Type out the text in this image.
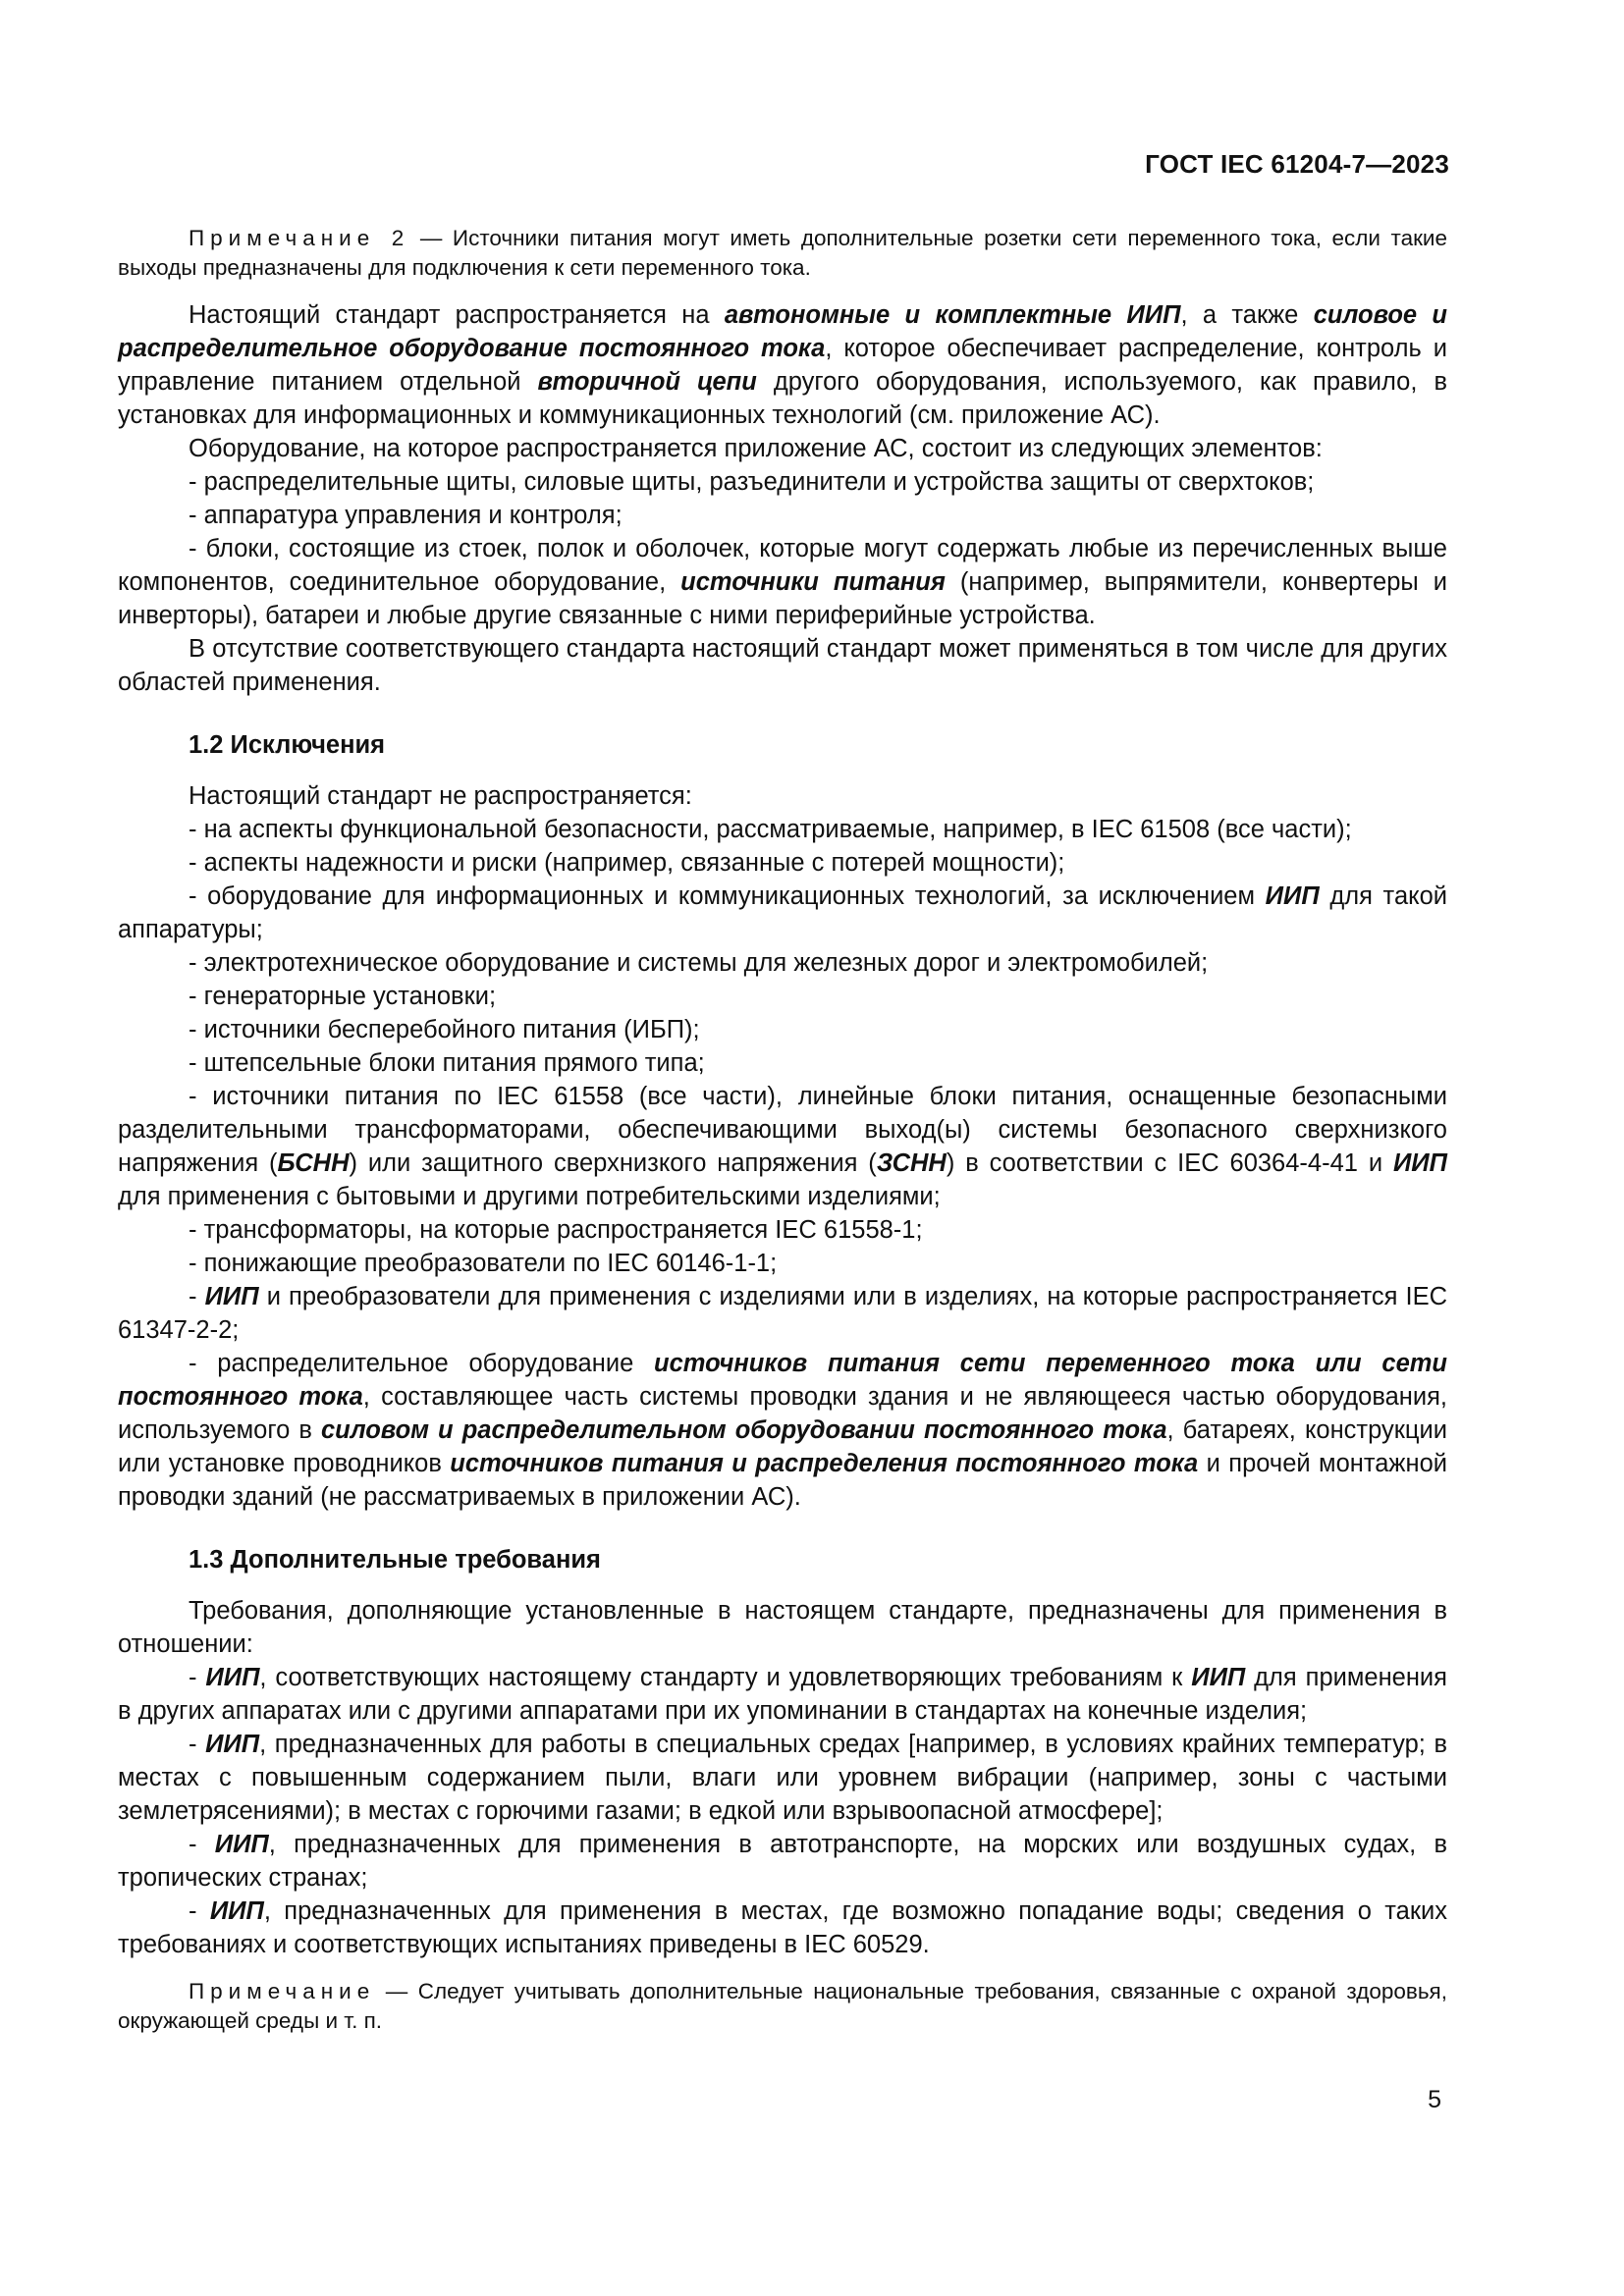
ГОСТ IEC 61204-7—2023

Примечание 2 — Источники питания могут иметь дополнительные розетки сети переменного тока, если такие выходы предназначены для подключения к сети переменного тока.

Настоящий стандарт распространяется на автономные и комплектные ИИП, а также силовое и распределительное оборудование постоянного тока, которое обеспечивает распределение, контроль и управление питанием отдельной вторичной цепи другого оборудования, используемого, как правило, в установках для информационных и коммуникационных технологий (см. приложение АС).

Оборудование, на которое распространяется приложение АС, состоит из следующих элементов:

- распределительные щиты, силовые щиты, разъединители и устройства защиты от сверхтоков;

- аппаратура управления и контроля;

- блоки, состоящие из стоек, полок и оболочек, которые могут содержать любые из перечисленных выше компонентов, соединительное оборудование, источники питания (например, выпрямители, конвертеры и инверторы), батареи и любые другие связанные с ними периферийные устройства.

В отсутствие соответствующего стандарта настоящий стандарт может применяться в том числе для других областей применения.

1.2 Исключения

Настоящий стандарт не распространяется:

- на аспекты функциональной безопасности, рассматриваемые, например, в IEC 61508 (все части);

- аспекты надежности и риски (например, связанные с потерей мощности);

- оборудование для информационных и коммуникационных технологий, за исключением ИИП для такой аппаратуры;

- электротехническое оборудование и системы для железных дорог и электромобилей;

- генераторные установки;

- источники бесперебойного питания (ИБП);

- штепсельные блоки питания прямого типа;

- источники питания по IEC 61558 (все части), линейные блоки питания, оснащенные безопасными разделительными трансформаторами, обеспечивающими выход(ы) системы безопасного сверхнизкого напряжения (БСНН) или защитного сверхнизкого напряжения (ЗСНН) в соответствии с IEC 60364-4-41 и ИИП для применения с бытовыми и другими потребительскими изделиями;

- трансформаторы, на которые распространяется IEC 61558-1;

- понижающие преобразователи по IEC 60146-1-1;

- ИИП и преобразователи для применения с изделиями или в изделиях, на которые распространяется IEC 61347-2-2;

- распределительное оборудование источников питания сети переменного тока или сети постоянного тока, составляющее часть системы проводки здания и не являющееся частью оборудования, используемого в силовом и распределительном оборудовании постоянного тока, батареях, конструкции или установке проводников источников питания и распределения постоянного тока и прочей монтажной проводки зданий (не рассматриваемых в приложении АС).

1.3 Дополнительные требования

Требования, дополняющие установленные в настоящем стандарте, предназначены для применения в отношении:

- ИИП, соответствующих настоящему стандарту и удовлетворяющих требованиям к ИИП для применения в других аппаратах или с другими аппаратами при их упоминании в стандартах на конечные изделия;

- ИИП, предназначенных для работы в специальных средах [например, в условиях крайних температур; в местах с повышенным содержанием пыли, влаги или уровнем вибрации (например, зоны с частыми землетрясениями); в местах с горючими газами; в едкой или взрывоопасной атмосфере];

- ИИП, предназначенных для применения в автотранспорте, на морских или воздушных судах, в тропических странах;

- ИИП, предназначенных для применения в местах, где возможно попадание воды; сведения о таких требованиях и соответствующих испытаниях приведены в IEC 60529.

Примечание — Следует учитывать дополнительные национальные требования, связанные с охраной здоровья, окружающей среды и т. п.

5
